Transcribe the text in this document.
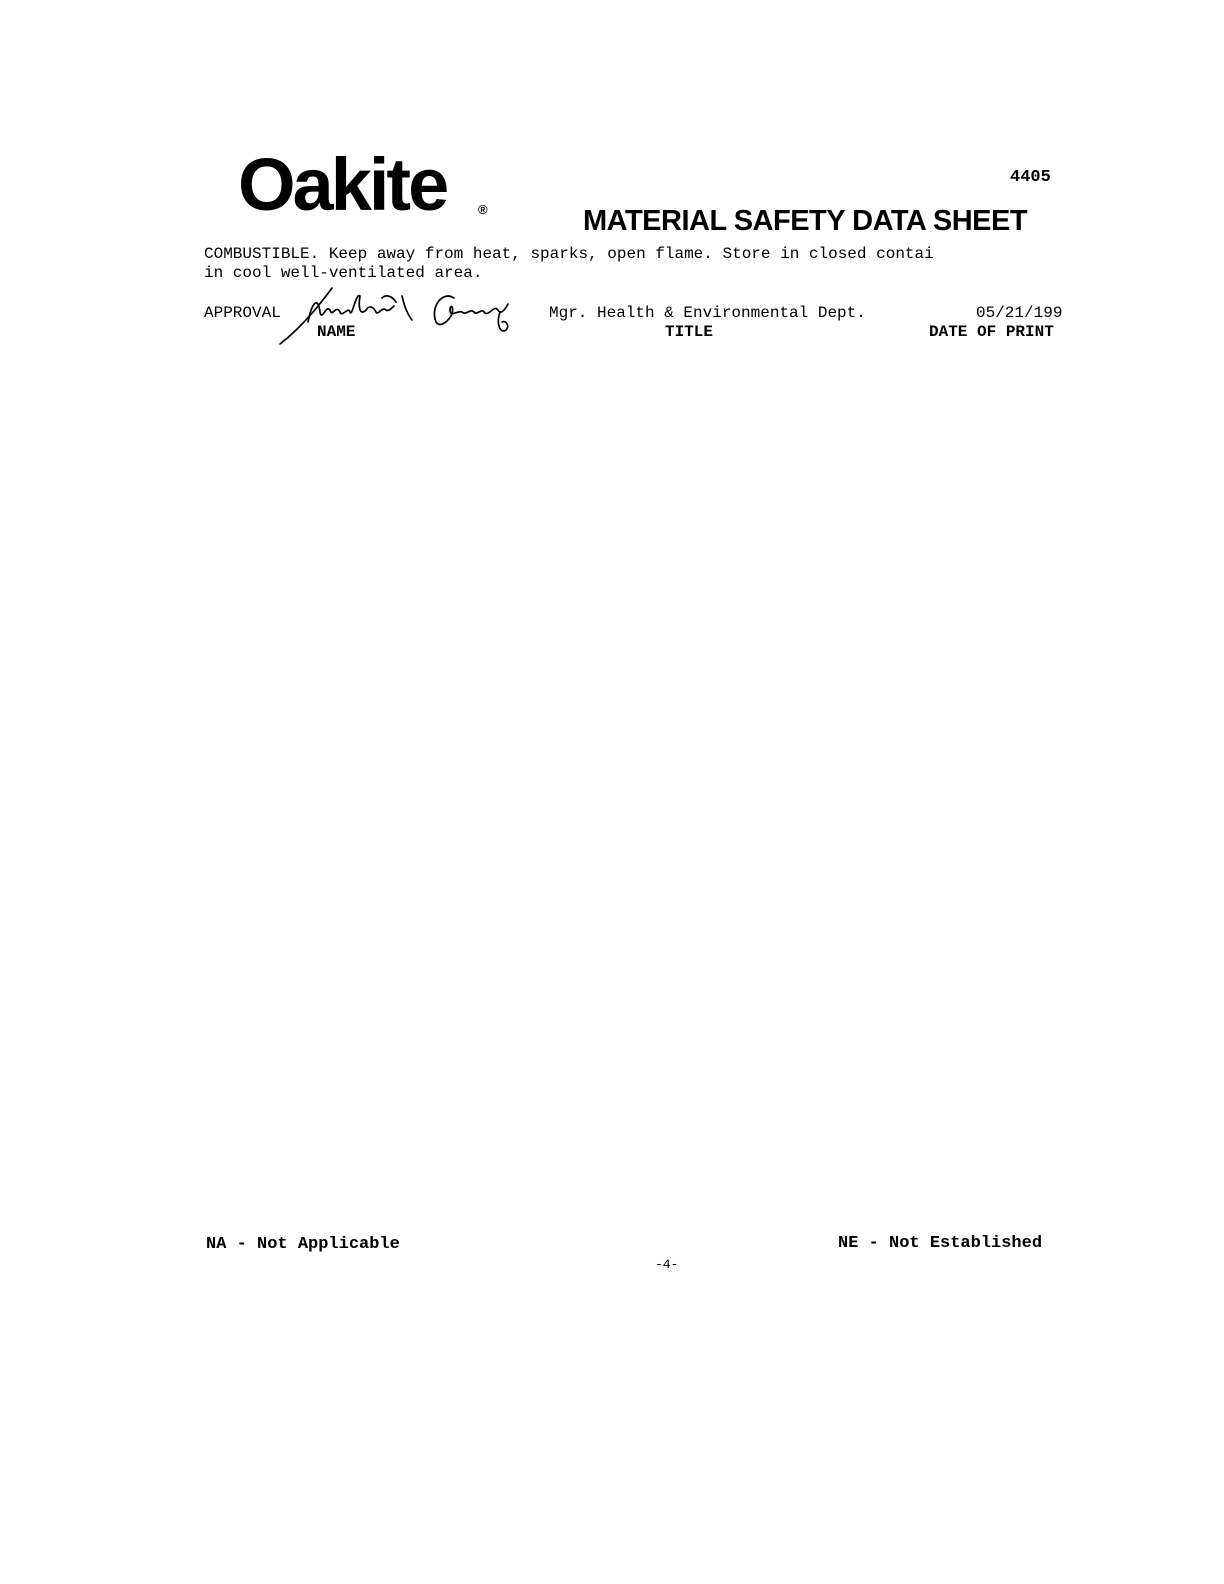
Oakite ®
4405
MATERIAL SAFETY DATA SHEET
COMBUSTIBLE. Keep away from heat, sparks, open flame. Store in closed contai
in cool well-ventilated area.
APPROVAL	Mgr. Health & Environmental Dept.	05/21/199
NAME	TITLE	DATE OF PRINT
NA - Not Applicable	NE - Not Established
-4-
